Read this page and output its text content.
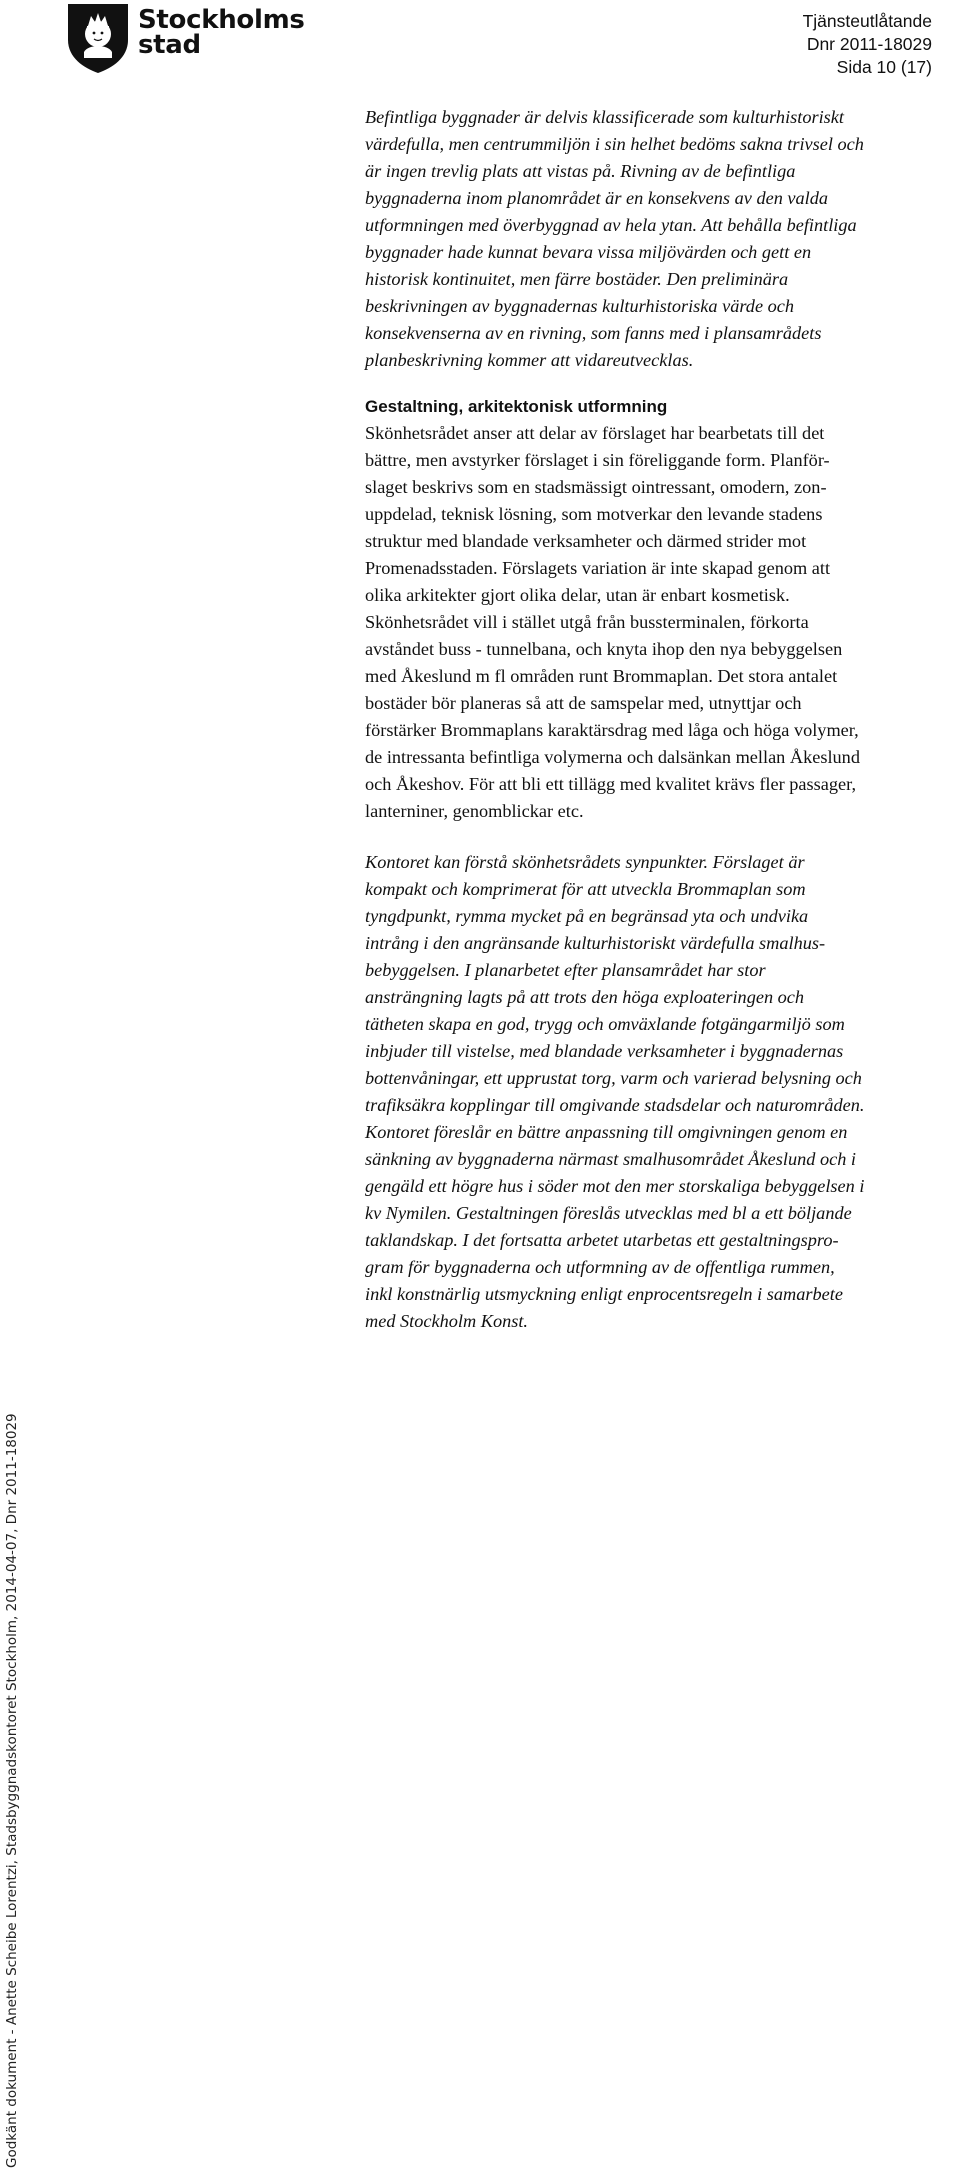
Stockholms
stad
Tjänsteutlåtande
Dnr 2011-18029
Sida 10 (17)
Godkänt dokument - Anette Scheibe Lorentzi, Stadsbyggnadskontoret Stockholm, 2014-04-07, Dnr 2011-18029

Befintliga byggnader är delvis klassificerade som kulturhistoriskt
värdefulla, men centrummiljön i sin helhet bedöms sakna trivsel och
är ingen trevlig plats att vistas på. Rivning av de befintliga
byggnaderna inom planområdet är en konsekvens av den valda
utformningen med överbyggnad av hela ytan. Att behålla befintliga
byggnader hade kunnat bevara vissa miljövärden och gett en
historisk kontinuitet, men färre bostäder. Den preliminära
beskrivningen av byggnadernas kulturhistoriska värde och
konsekvenserna av en rivning, som fanns med i plansamrådets
planbeskrivning kommer att vidareutvecklas.

Gestaltning, arkitektonisk utformning

Skönhetsrådet anser att delar av förslaget har bearbetats till det
bättre, men avstyrker förslaget i sin föreliggande form. Planför-
slaget beskrivs som en stadsmässigt ointressant, omodern, zon-
uppdelad, teknisk lösning, som motverkar den levande stadens
struktur med blandade verksamheter och därmed strider mot
Promenadsstaden. Förslagets variation är inte skapad genom att
olika arkitekter gjort olika delar, utan är enbart kosmetisk.
Skönhetsrådet vill i stället utgå från bussterminalen, förkorta
avståndet buss - tunnelbana, och knyta ihop den nya bebyggelsen
med Åkeslund m fl områden runt Brommaplan. Det stora antalet
bostäder bör planeras så att de samspelar med, utnyttjar och
förstärker Brommaplans karaktärsdrag med låga och höga volymer,
de intressanta befintliga volymerna och dalsänkan mellan Åkeslund
och Åkeshov. För att bli ett tillägg med kvalitet krävs fler passager,
lanterniner, genomblickar etc.

Kontoret kan förstå skönhetsrådets synpunkter. Förslaget är
kompakt och komprimerat för att utveckla Brommaplan som
tyngdpunkt, rymma mycket på en begränsad yta och undvika
intrång i den angränsande kulturhistoriskt värdefulla smalhus-
bebyggelsen. I planarbetet efter plansamrådet har stor
ansträngning lagts på att trots den höga exploateringen och
tätheten skapa en god, trygg och omväxlande fotgängarmiljö som
inbjuder till vistelse, med blandade verksamheter i byggnadernas
bottenvåningar, ett upprustat torg, varm och varierad belysning och
trafiksäkra kopplingar till omgivande stadsdelar och naturområden.
Kontoret föreslår en bättre anpassning till omgivningen genom en
sänkning av byggnaderna närmast smalhusområdet Åkeslund och i
gengäld ett högre hus i söder mot den mer storskaliga bebyggelsen i
kv Nymilen. Gestaltningen föreslås utvecklas med bl a ett böljande
taklandskap. I det fortsatta arbetet utarbetas ett gestaltningspro-
gram för byggnaderna och utformning av de offentliga rummen,
inkl konstnärlig utsmyckning enligt enprocentsregeln i samarbete
med Stockholm Konst.
